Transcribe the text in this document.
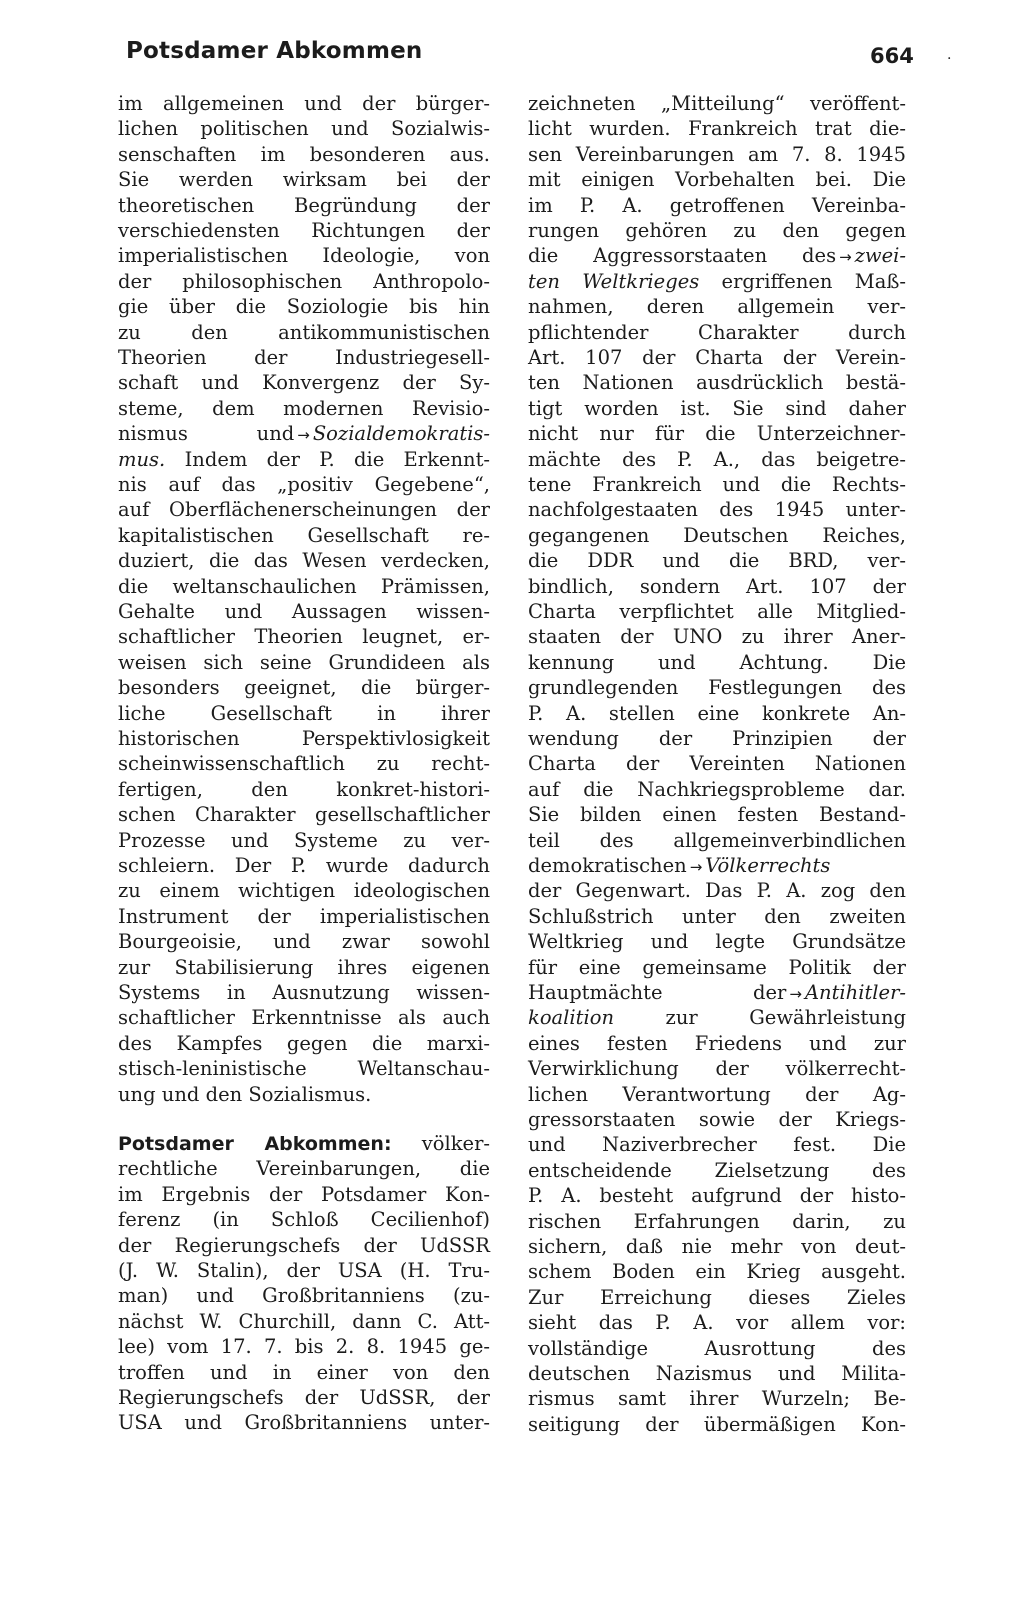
Potsdamer Abkommen	664 .
im allgemeinen und der bürger-
lichen politischen und Sozialwis-
senschaften im besonderen aus.
Sie werden wirksam bei der
theoretischen Begründung der
verschiedensten Richtungen der
imperialistischen Ideologie, von
der philosophischen Anthropolo-
gie über die Soziologie bis hin
zu den antikommunistischen
Theorien der Industriegesell-
schaft und Konvergenz der Sy-
steme, dem modernen Revisio-
nismus und → Sozialdemokratis-
mus. Indem der P. die Erkennt-
nis auf das „positiv Gegebene“,
auf Oberflächenerscheinungen der
kapitalistischen Gesellschaft re-
duziert, die das Wesen verdecken,
die weltanschaulichen Prämissen,
Gehalte und Aussagen wissen-
schaftlicher Theorien leugnet, er-
weisen sich seine Grundideen als
besonders geeignet, die bürger-
liche Gesellschaft in ihrer
historischen Perspektivlosigkeit
scheinwissenschaftlich zu recht-
fertigen, den konkret-histori-
schen Charakter gesellschaftlicher
Prozesse und Systeme zu ver-
schleiern. Der P. wurde dadurch
zu einem wichtigen ideologischen
Instrument der imperialistischen
Bourgeoisie, und zwar sowohl
zur Stabilisierung ihres eigenen
Systems in Ausnutzung wissen-
schaftlicher Erkenntnisse als auch
des Kampfes gegen die marxi-
stisch-leninistische Weltanschau-
ung und den Sozialismus.
Potsdamer Abkommen: völker-
rechtliche Vereinbarungen, die
im Ergebnis der Potsdamer Kon-
ferenz (in Schloß Cecilienhof)
der Regierungschefs der UdSSR
(J. W. Stalin), der USA (H. Tru-
man) und Großbritanniens (zu-
nächst W. Churchill, dann C. Att-
lee) vom 17. 7. bis 2. 8. 1945 ge-
troffen und in einer von den
Regierungschefs der UdSSR, der
USA und Großbritanniens unter-
zeichneten „Mitteilung“ veröffent-
licht wurden. Frankreich trat die-
sen Vereinbarungen am 7. 8. 1945
mit einigen Vorbehalten bei. Die
im P. A. getroffenen Vereinba-
rungen gehören zu den gegen
die Aggressorstaaten des → zwei-
ten Weltkrieges ergriffenen Maß-
nahmen, deren allgemein ver-
pflichtender Charakter durch
Art. 107 der Charta der Verein-
ten Nationen ausdrücklich bestä-
tigt worden ist. Sie sind daher
nicht nur für die Unterzeichner-
mächte des P. A., das beigetre-
tene Frankreich und die Rechts-
nachfolgestaaten des 1945 unter-
gegangenen Deutschen Reiches,
die DDR und die BRD, ver-
bindlich, sondern Art. 107 der
Charta verpflichtet alle Mitglied-
staaten der UNO zu ihrer Aner-
kennung und Achtung. Die
grundlegenden Festlegungen des
P. A. stellen eine konkrete An-
wendung der Prinzipien der
Charta der Vereinten Nationen
auf die Nachkriegsprobleme dar.
Sie bilden einen festen Bestand-
teil des allgemeinverbindlichen
demokratischen → Völkerrechts
der Gegenwart. Das P. A. zog den
Schlußstrich unter den zweiten
Weltkrieg und legte Grundsätze
für eine gemeinsame Politik der
Hauptmächte der → Antihitler-
koalition zur Gewährleistung
eines festen Friedens und zur
Verwirklichung der völkerrecht-
lichen Verantwortung der Ag-
gressorstaaten sowie der Kriegs-
und Naziverbrecher fest. Die
entscheidende Zielsetzung des
P. A. besteht aufgrund der histo-
rischen Erfahrungen darin, zu
sichern, daß nie mehr von deut-
schem Boden ein Krieg ausgeht.
Zur Erreichung dieses Zieles
sieht das P. A. vor allem vor:
vollständige Ausrottung des
deutschen Nazismus und Milita-
rismus samt ihrer Wurzeln; Be-
seitigung der übermäßigen Kon-
